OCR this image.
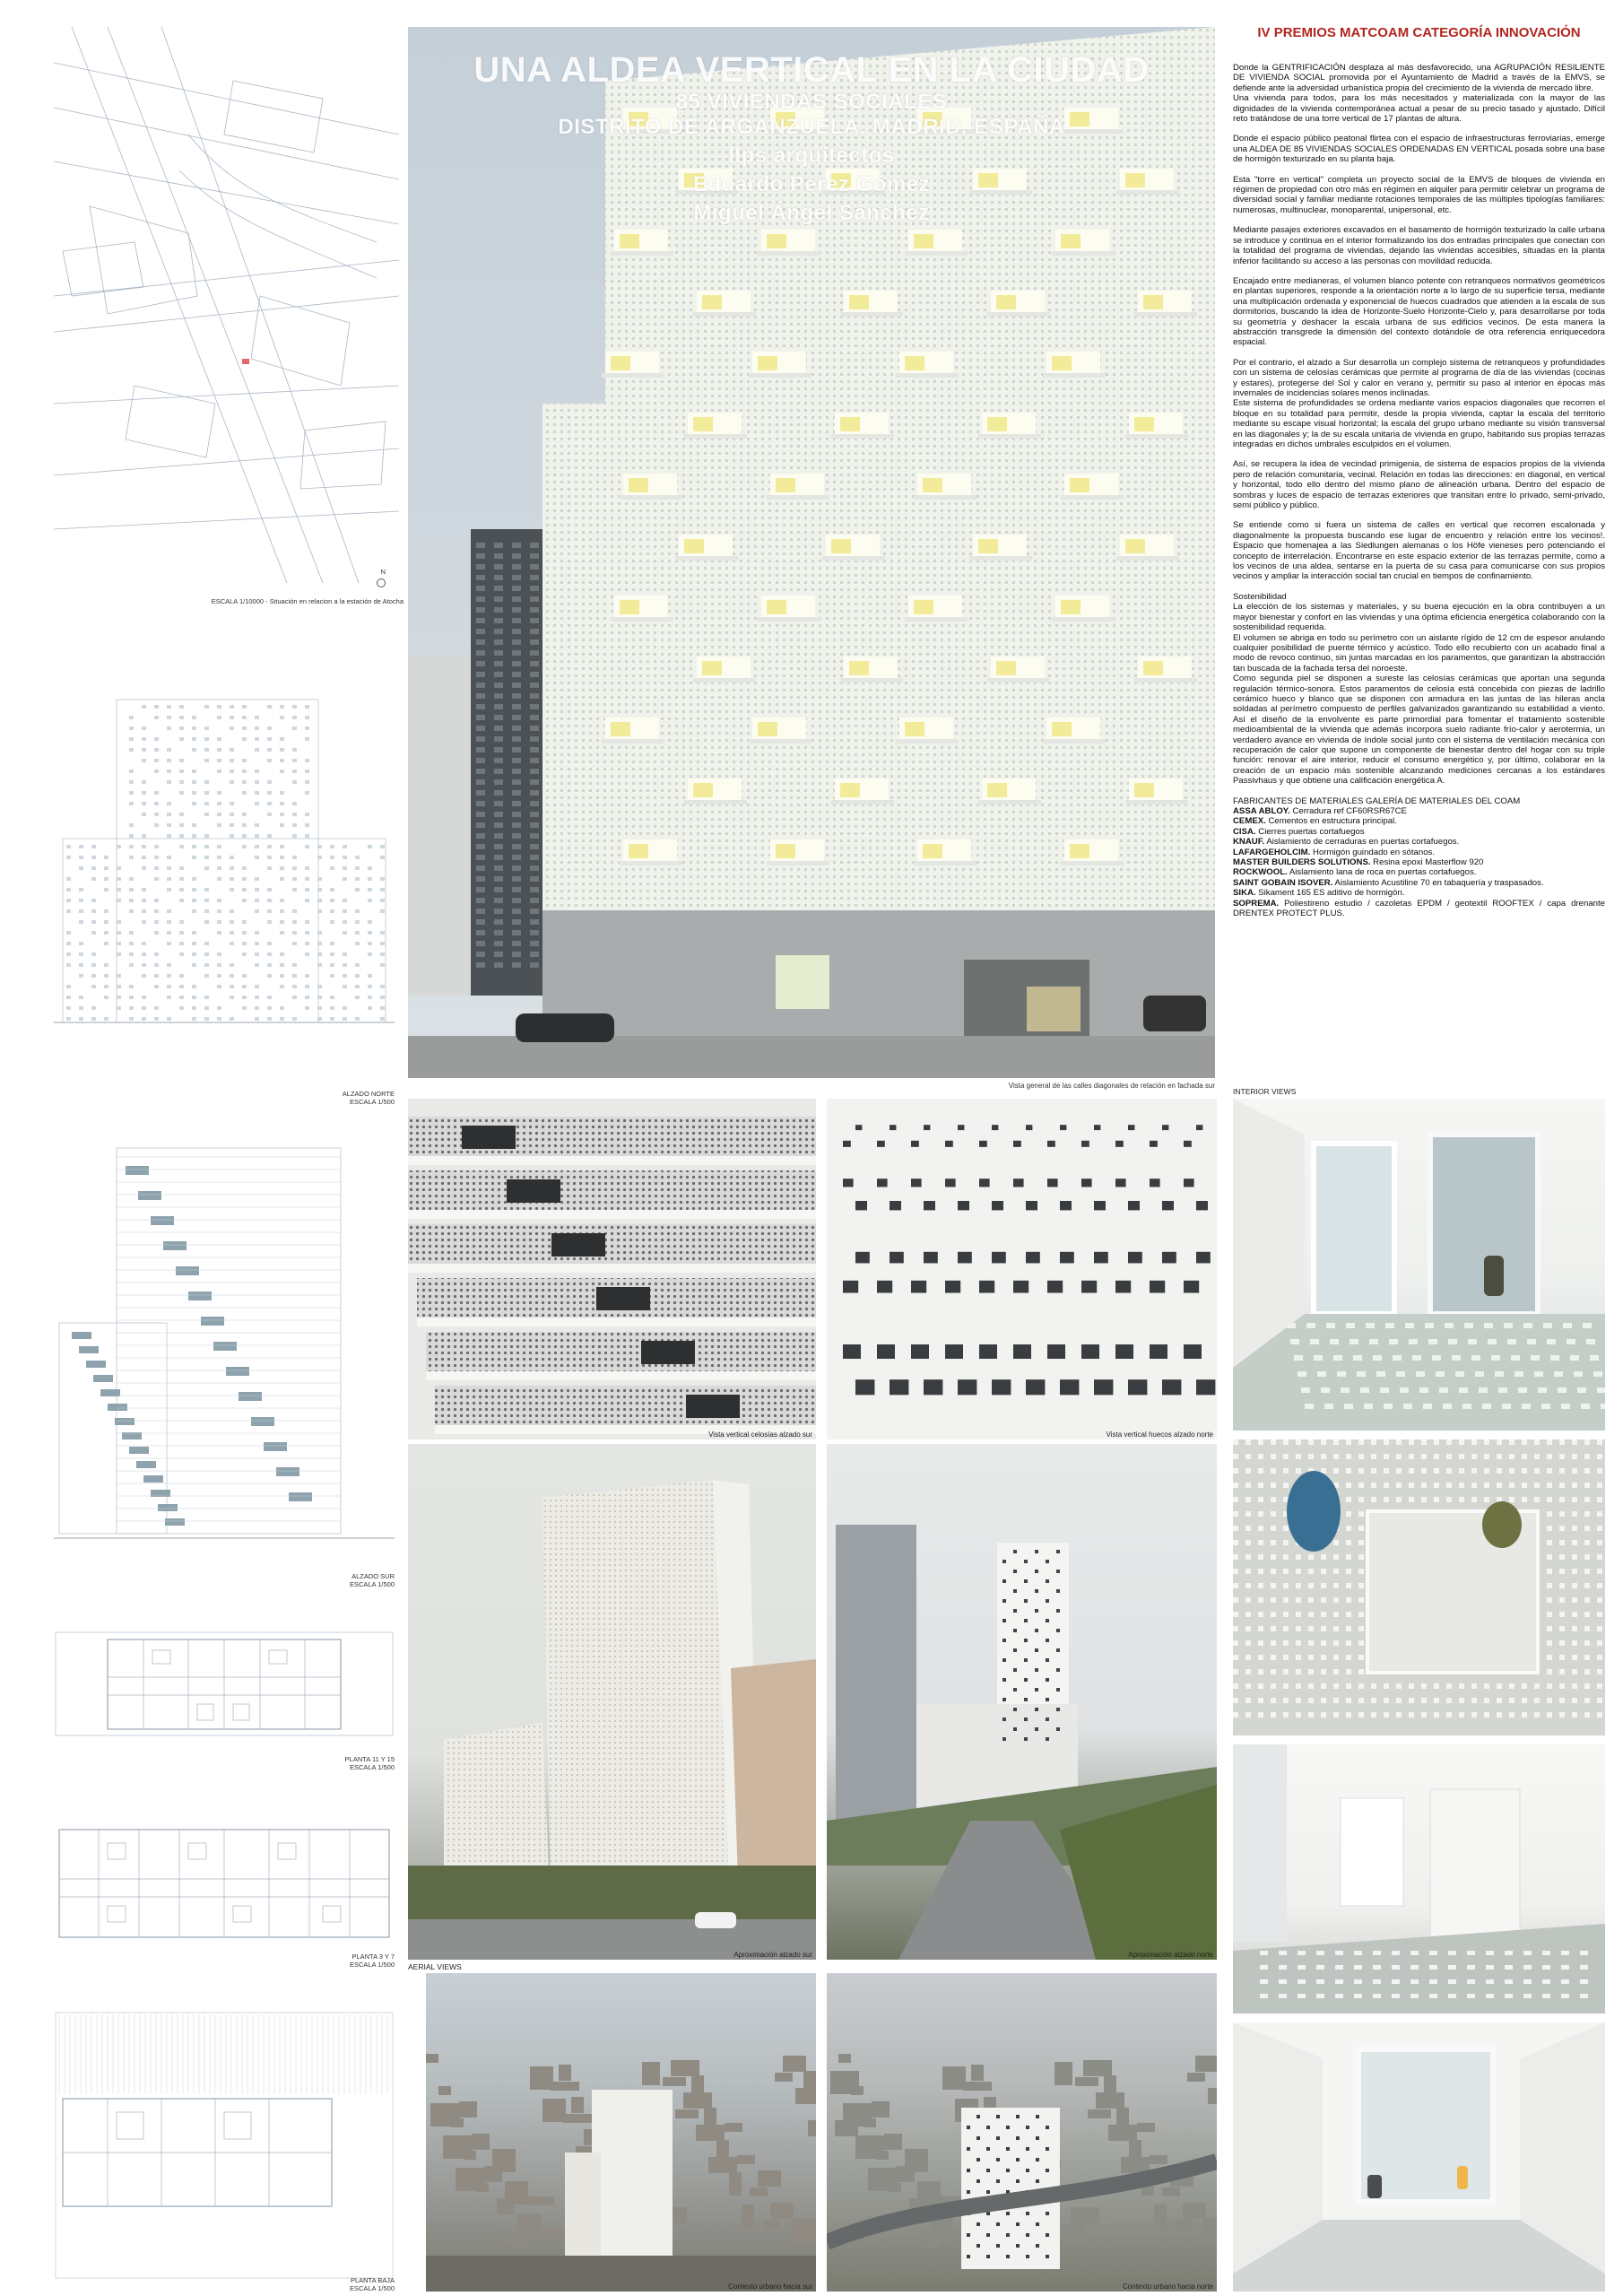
N
ESCALA 1/10000 - Situación en relacion a la estación de Atocha
ALZADO NORTE
ESCALA 1/500
ALZADO SUR
ESCALA 1/500
PLANTA 11 Y 15
ESCALA 1/500
PLANTA 3 Y 7
ESCALA 1/500
PLANTA BAJA
ESCALA 1/500
UNA ALDEA VERTICAL EN LA CIUDAD
85 VIVIENDAS SOCIALES
DISTRITO DE ARGANZUELA. MADRID. ESPAÑA
llps arquitectos
Eduardo Pérez Gómez
Miguel Ángel Sánchez
Vista general de las calles diagonales de relación en fachada sur
IV PREMIOS MATCOAM CATEGORÍA INNOVACIÓN

Donde la GENTRIFICACIÓN desplaza al más desfavorecido, una AGRUPACIÓN RESILIENTE DE VIVIENDA SOCIAL promovida por el Ayuntamiento de Madrid a través de la EMVS, se defiende ante la adversidad urbanística propia del crecimiento de la vivienda de mercado libre.
Una vivienda para todos, para los más necesitados y materializada con la mayor de las dignidades de la vivienda contemporánea actual a pesar de su precio tasado y ajustado. Difícil reto tratándose de una torre vertical de 17 plantas de altura.

Donde el espacio público peatonal flirtea con el espacio de infraestructuras ferroviarias, emerge una ALDEA DE 85 VIVIENDAS SOCIALES ORDENADAS EN VERTICAL posada sobre una base de hormigón texturizado en su planta baja.

Esta "torre en vertical" completa un proyecto social de la EMVS de bloques de vivienda en régimen de propiedad con otro más en régimen en alquiler para permitir celebrar un programa de diversidad social y familiar mediante rotaciones temporales de las múltiples tipologías familiares: numerosas, multinuclear, monoparental, unipersonal, etc.

Mediante pasajes exteriores excavados en el basamento de hormigón texturizado la calle urbana se introduce y continua en el interior formalizando los dos entradas principales que conectan con la totalidad del programa de viviendas, dejando las viviendas accesibles, situadas en la planta inferior facilitando su acceso a las personas con movilidad reducida.

Encajado entre medianeras, el volumen blanco potente con retranqueos normativos geométricos en plantas superiores, responde a la orientación norte a lo largo de su superficie tersa, mediante una multiplicación ordenada y exponencial de huecos cuadrados que atienden a la escala de sus dormitorios, buscando la idea de Horizonte-Suelo Horizonte-Cielo y, para desarrollarse por toda su geometría y deshacer la escala urbana de sus edificios vecinos. De esta manera la abstracción transgrede la dimensión del contexto dotándole de otra referencia enriquecedora espacial.

Por el contrario, el alzado a Sur desarrolla un complejo sistema de retranqueos y profundidades con un sistema de celosías cerámicas que permite al programa de día de las viviendas (cocinas y estares), protegerse del Sol y calor en verano y, permitir su paso al interior en épocas más invernales de incidencias solares menos inclinadas.
Este sistema de profundidades se ordena mediante varios espacios diagonales que recorren el bloque en su totalidad para permitir, desde la propia vivienda, captar la escala del territorio mediante su escape visual horizontal; la escala del grupo urbano mediante su visión transversal en las diagonales y; la de su escala unitaria de vivienda en grupo, habitando sus propias terrazas integradas en dichos umbrales esculpidos en el volumen.

Así, se recupera la idea de vecindad primigenia, de sistema de espacios propios de la vivienda pero de relación comunitaria, vecinal. Relación en todas las direcciones: en diagonal, en vertical y horizontal, todo ello dentro del mismo plano de alineación urbana. Dentro del espacio de sombras y luces de espacio de terrazas exteriores que transitan entre lo privado, semi-privado, semi público y público.

Se entiende como si fuera un sistema de calles en vertical que recorren escalonada y diagonalmente la propuesta buscando ese lugar de encuentro y relación entre los vecinos!. Espacio que homenajea a las Siedlungen alemanas o los Höfe vieneses pero potenciando el concepto de interrelación. Encontrarse en este espacio exterior de las terrazas permite, como a los vecinos de una aldea, sentarse en la puerta de su casa para comunicarse con sus propios vecinos y ampliar la interacción social tan crucial en tiempos de confinamiento.

Sostenibilidad

La elección de los sistemas y materiales, y su buena ejecución en la obra contribuyen a un mayor bienestar y confort en las viviendas y una óptima eficiencia energética colaborando con la sostenibilidad requerida.
El volumen se abriga en todo su perímetro con un aislante rígido de 12 cm de espesor anulando cualquier posibilidad de puente térmico y acústico. Todo ello recubierto con un acabado final a modo de revoco continuo, sin juntas marcadas en los paramentos, que garantizan la abstracción tan buscada de la fachada tersa del noroeste.
Como segunda piel se disponen a sureste las celosías cerámicas que aportan una segunda regulación térmico-sonora. Estos paramentos de celosía está concebida con piezas de ladrillo cerámico hueco y blanco que se disponen con armadura en las juntas de las hileras ancla soldadas al perímetro compuesto de perfiles galvanizados garantizando su estabilidad a viento. Así el diseño de la envolvente es parte primordial para fomentar el tratamiento sostenible medioambiental de la vivienda que además incorpora suelo radiante frío-calor y aerotermia, un verdadero avance en vivienda de índole social junto con el sistema de ventilación mecánica con recuperación de calor que supone un componente de bienestar dentro del hogar con su triple función: renovar el aire interior, reducir el consumo energético y, por último, colaborar en la creación de un espacio más sostenible alcanzando mediciones cercanas a los estándares Passivhaus y que obtiene una calificación energética A.

FABRICANTES DE MATERIALES GALERÍA DE MATERIALES DEL COAM
ASSA ABLOY. Cerradura ref CF60RSR67CE
CEMEX. Cementos en estructura principal.
CISA. Cierres puertas cortafuegos
KNAUF. Aislamiento de cerraduras en puertas cortafuegos.
LAFARGEHOLCIM. Hormigón guindado en sótanos.
MASTER BUILDERS SOLUTIONS. Resina epoxi Masterflow 920
ROCKWOOL. Aislamiento lana de roca en puertas cortafuegos.
SAINT GOBAIN ISOVER. Aislamiento Acustiline 70 en tabaquería y traspasados.
SIKA. Sikament 165 ES aditivo de hormigón.
SOPREMA. Poliestireno estudio / cazoletas EPDM / geotextil ROOFTEX / capa drenante DRENTEX PROTECT PLUS.
Vista vertical celosías alzado sur	Vista vertical huecos alzado norte
Aproximación alzado sur	Aproximación alzado norte
AERIAL VIEWS
Contexto urbano hacia sur	Contexto urbano hacia norte
INTERIOR VIEWS
